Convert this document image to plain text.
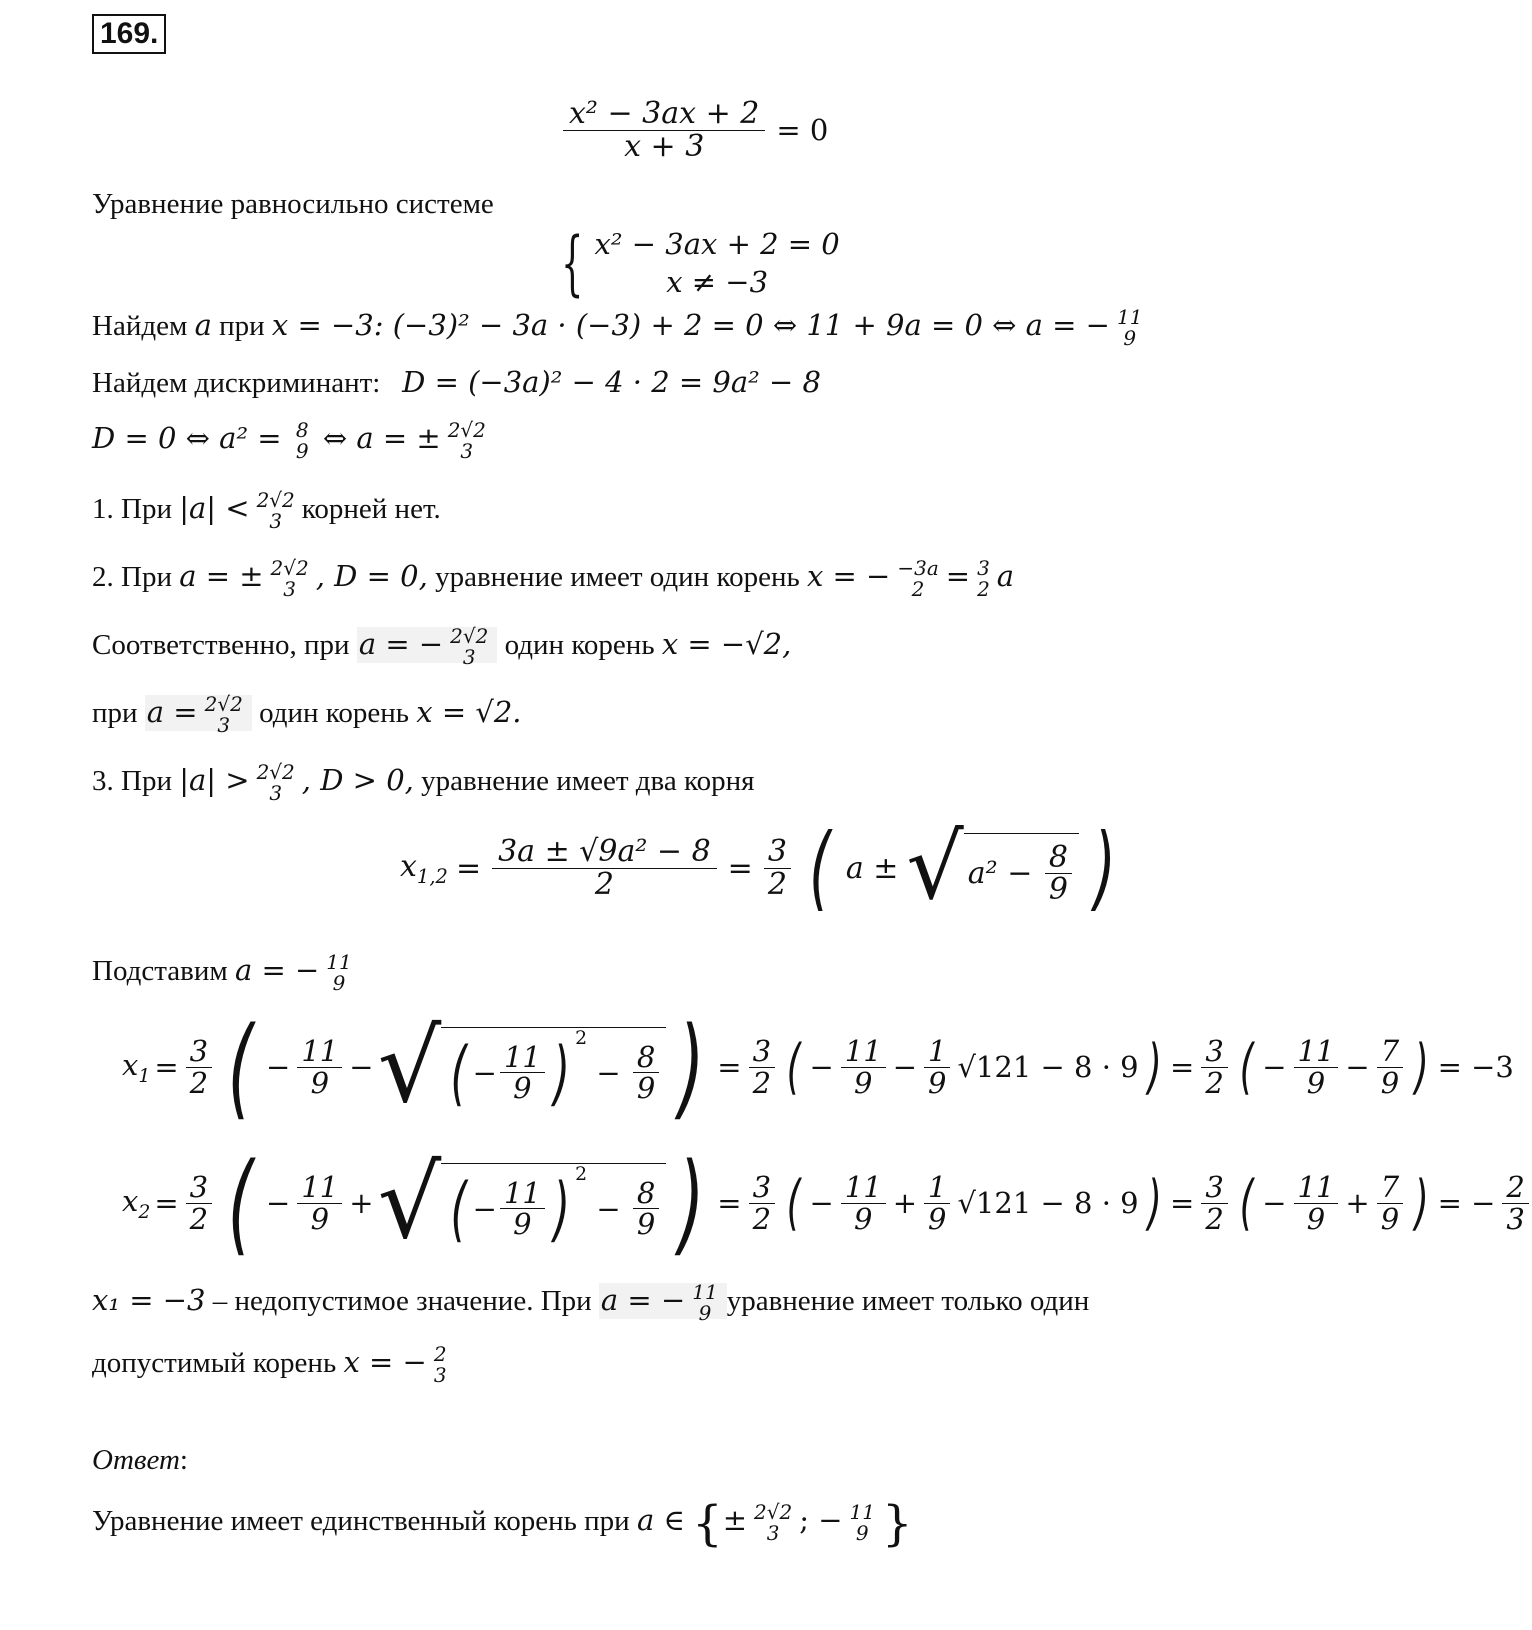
169.
$\frac{\text{x² − 3ax + 2}}{x + 3} = 0$
Уравнение равносильно системе
{ x² − 3ax + 2 = 0
x ≠ −3
Найдем a при x = −3: (−3)² − 3a · (−3) + 2 = 0 ⇔ 11 + 9a = 0 ⇔ a = − 11
9
Найдем дискриминант: D = (−3a)² − 4 · 2 = 9a² − 8
D = 0 ⇔ a² = 8
9 ⇔ a = ± 2√2
3
1. При |a| < 2√2
3 корней нет.
2. При a = ± 2√2
3 , D = 0, уравнение имеет один корень x = − −3a
2 = 3
2 a
Соответственно, при a = − 2√2
3 один корень x = −√2,
при a = 2√2
3 один корень x = √2.
3. При |a| > 2√2
3 , D > 0, уравнение имеет два корня
$x_{1,2} = \frac{\text{3a ± √9a² − 8}}{2} = \frac{3}{2}$ ( a ± √ a²
−
$\frac{8}{9}$ )
Подставим a = − 11
9
$x_1 = \frac{3}{2}$ ( − $\frac{11}{9}$ − √ ( − $\frac{11}{9}$ ) $^2$

−
$\frac{8}{9}$ ) = $\frac{3}{2}$ ( − $\frac{11}{9} - \frac{1}{9} √121 - 8 \cdot 9$ ) = $\frac{3}{2}$ ( − $\frac{11}{9} - \frac{7}{9}$ ) = −3
$x_2 = \frac{3}{2}$ ( − $\frac{11}{9}$ + √ ( − $\frac{11}{9}$ ) $^2$

−
$\frac{8}{9}$ ) = $\frac{3}{2}$ ( − $\frac{11}{9} + \frac{1}{9} √121 - 8 \cdot 9$ ) = $\frac{3}{2}$ ( − $\frac{11}{9} + \frac{7}{9}$ ) = − $\frac{2}{3}$
x₁ = −3 – недопустимое значение. При a = − 11
9 уравнение имеет только один
допустимый корень x = − 2
3
Ответ:
Уравнение имеет единственный корень при a ∈ {± 2√2
3 ; − 11
9 }
